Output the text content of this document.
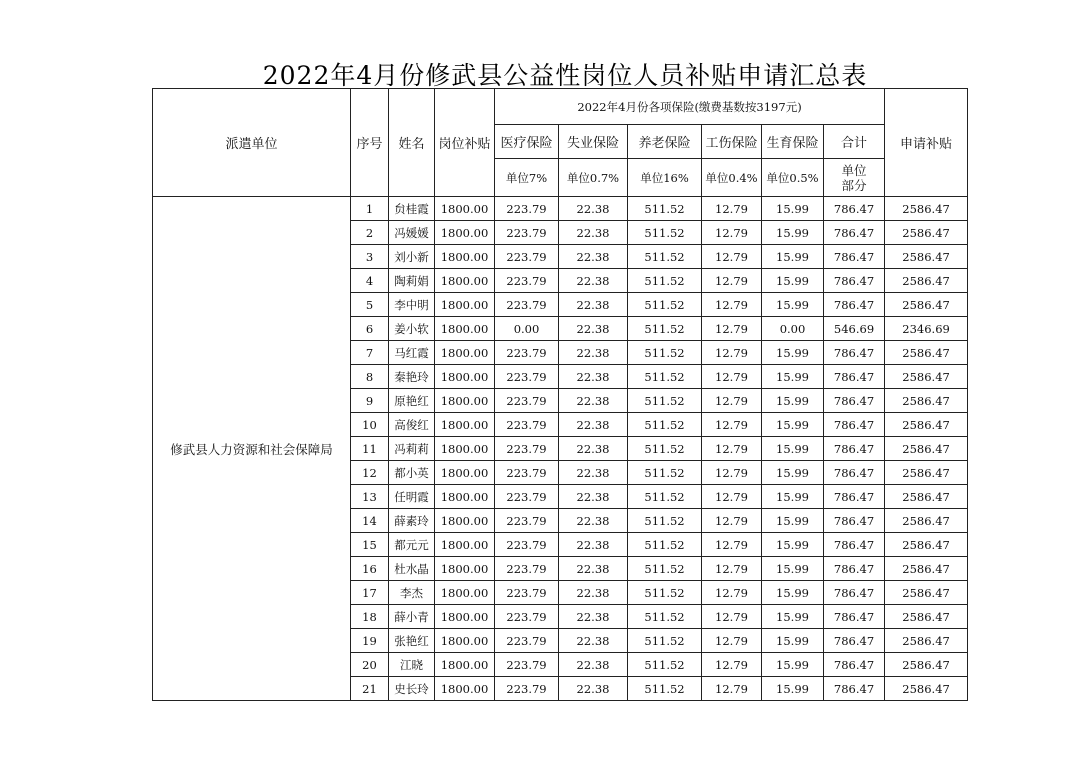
2022年4月份修武县公益性岗位人员补贴申请汇总表
派遣单位	序号	姓名	岗位补贴	2022年4月份各项保险(缴费基数按3197元)						申请补贴
				医疗保险	失业保险	养老保险	工伤保险	生育保险	合计	
				单位7%	单位0.7%	单位16%	单位0.4%	单位0.5%	单位
部分	
修武县人力资源和社会保障局	1	贠桂霞	1800.00	223.79	22.38	511.52	12.79	15.99	786.47	2586.47
	2	冯媛媛	1800.00	223.79	22.38	511.52	12.79	15.99	786.47	2586.47
	3	刘小新	1800.00	223.79	22.38	511.52	12.79	15.99	786.47	2586.47
	4	陶莉娟	1800.00	223.79	22.38	511.52	12.79	15.99	786.47	2586.47
	5	李中明	1800.00	223.79	22.38	511.52	12.79	15.99	786.47	2586.47
	6	姜小软	1800.00	0.00	22.38	511.52	12.79	0.00	546.69	2346.69
	7	马红霞	1800.00	223.79	22.38	511.52	12.79	15.99	786.47	2586.47
	8	秦艳玲	1800.00	223.79	22.38	511.52	12.79	15.99	786.47	2586.47
	9	原艳红	1800.00	223.79	22.38	511.52	12.79	15.99	786.47	2586.47
	10	高俊红	1800.00	223.79	22.38	511.52	12.79	15.99	786.47	2586.47
	11	冯莉莉	1800.00	223.79	22.38	511.52	12.79	15.99	786.47	2586.47
	12	都小英	1800.00	223.79	22.38	511.52	12.79	15.99	786.47	2586.47
	13	任明霞	1800.00	223.79	22.38	511.52	12.79	15.99	786.47	2586.47
	14	薛素玲	1800.00	223.79	22.38	511.52	12.79	15.99	786.47	2586.47
	15	都元元	1800.00	223.79	22.38	511.52	12.79	15.99	786.47	2586.47
	16	杜水晶	1800.00	223.79	22.38	511.52	12.79	15.99	786.47	2586.47
	17	李杰	1800.00	223.79	22.38	511.52	12.79	15.99	786.47	2586.47
	18	薛小青	1800.00	223.79	22.38	511.52	12.79	15.99	786.47	2586.47
	19	张艳红	1800.00	223.79	22.38	511.52	12.79	15.99	786.47	2586.47
	20	江晓	1800.00	223.79	22.38	511.52	12.79	15.99	786.47	2586.47
	21	史长玲	1800.00	223.79	22.38	511.52	12.79	15.99	786.47	2586.47
